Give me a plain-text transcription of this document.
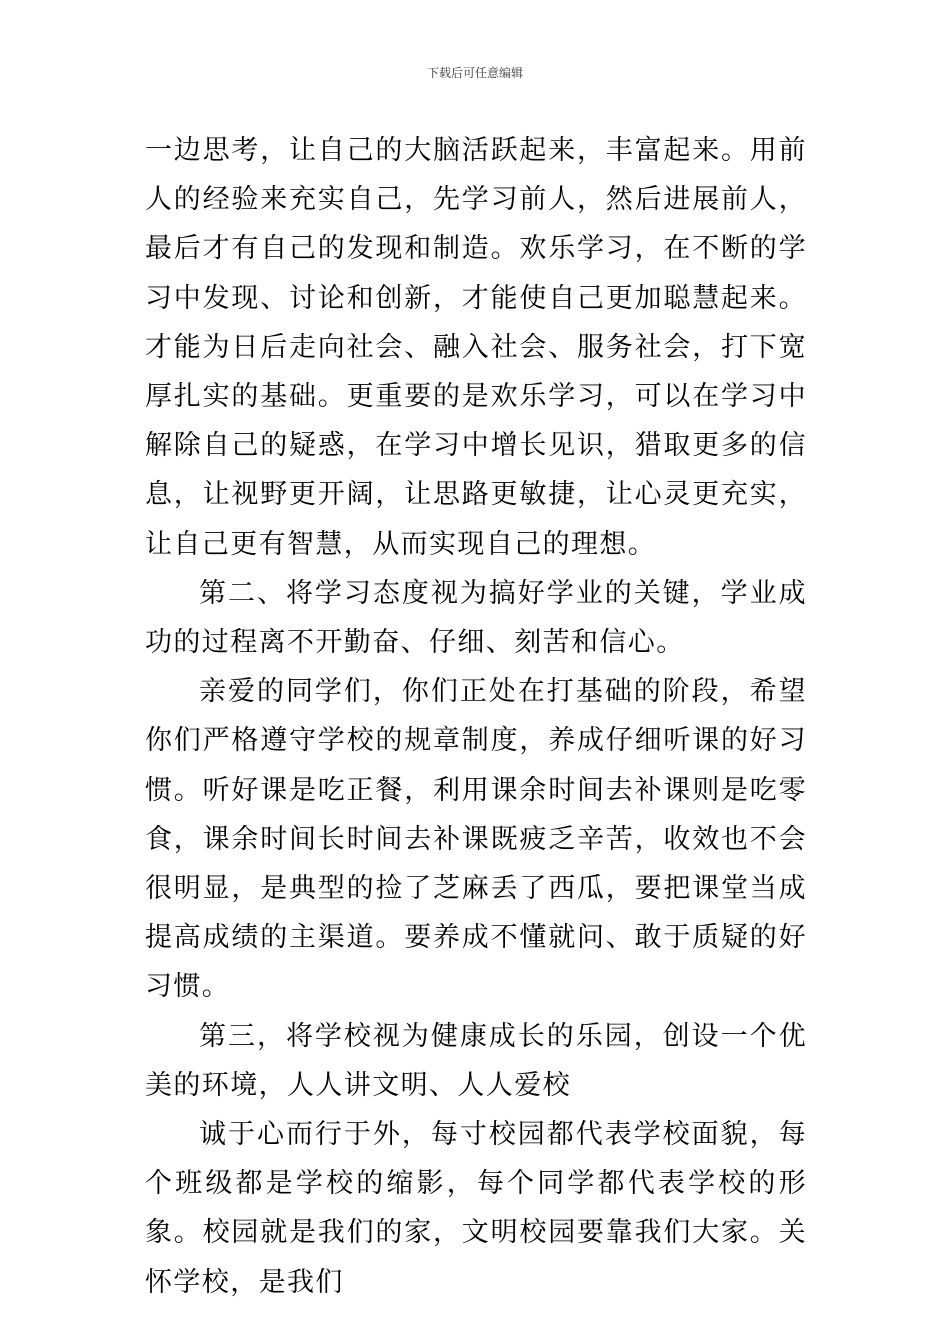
下载后可任意编辑

一边思考，让自己的大脑活跃起来，丰富起来。用前人的经验来充实自己，先学习前人，然后进展前人，最后才有自己的发现和制造。欢乐学习，在不断的学习中发现、讨论和创新，才能使自己更加聪慧起来。才能为日后走向社会、融入社会、服务社会，打下宽厚扎实的基础。更重要的是欢乐学习，可以在学习中解除自己的疑惑，在学习中增长见识，猎取更多的信息，让视野更开阔，让思路更敏捷，让心灵更充实，让自己更有智慧，从而实现自己的理想。

第二、将学习态度视为搞好学业的关键，学业成功的过程离不开勤奋、仔细、刻苦和信心。

亲爱的同学们，你们正处在打基础的阶段，希望你们严格遵守学校的规章制度，养成仔细听课的好习惯。听好课是吃正餐，利用课余时间去补课则是吃零食，课余时间长时间去补课既疲乏辛苦，收效也不会很明显，是典型的捡了芝麻丢了西瓜，要把课堂当成提高成绩的主渠道。要养成不懂就问、敢于质疑的好习惯。

第三，将学校视为健康成长的乐园，创设一个优美的环境，人人讲文明、人人爱校

诚于心而行于外，每寸校园都代表学校面貌，每个班级都是学校的缩影，每个同学都代表学校的形象。校园就是我们的家，文明校园要靠我们大家。关怀学校，是我们
